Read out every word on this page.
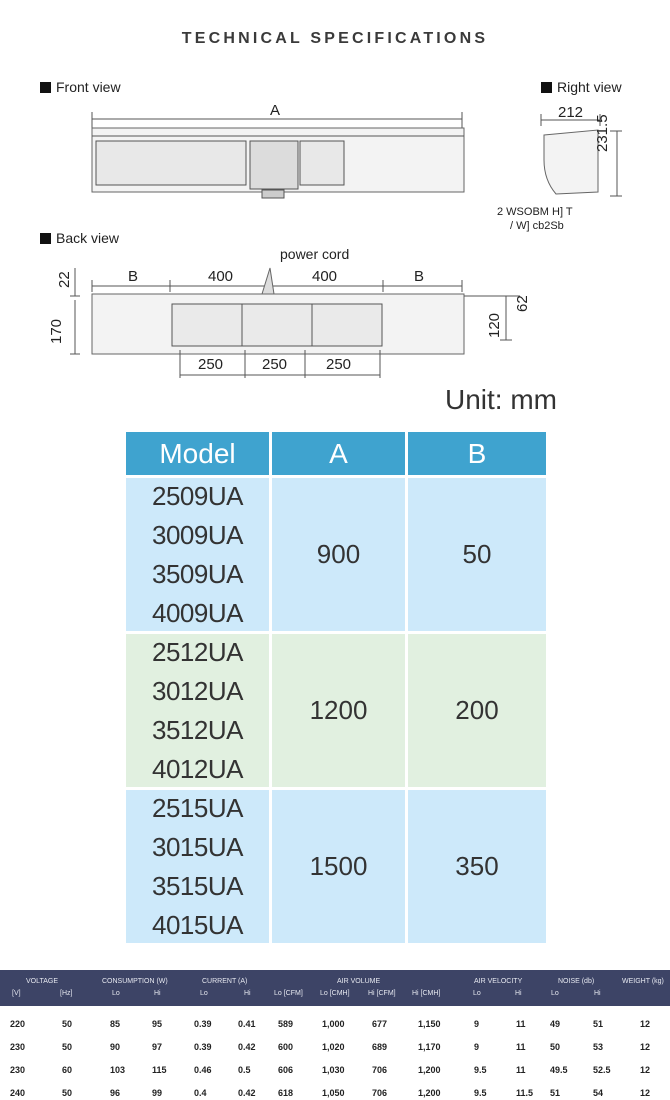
TECHNICAL SPECIFICATIONS
Front view	Right view
Back view
A	212
231.5
2 WSOBM H] T
/ W] cb2Sb
power cord
B	400	400	B
22
170
62
120
250	250	250
Unit: mm
Model	A	B
2509UA
3009UA
3509UA
4009UA
900	50
2512UA
3012UA
3512UA
4012UA
1200	200
2515UA
3015UA
3515UA
4015UA
1500	350
VOLTAGE	CONSUMPTION (W)	CURRENT (A)	AIR VOLUME	AIR VELOCITY	NOISE (db)	WEIGHT (kg)
[V]	[Hz]	Lo	Hi	Lo	Hi	Lo [CFM] Lo [CMH]	Hi [CFM] Hi [CMH]	Lo	Hi	Lo	Hi
220	50	85	95	0.39	0.41 589	1,000	677	1,150	9	11	49	51	12
230	50	90	97	0.39	0.42 600	1,020	689	1,170	9	11	50	53	12
230	60	103	115	0.46	0.5	606	1,030	706	1,200	9.5	11	49.5	52.5	12
240	50	96	99	0.4	0.42 618	1,050	706	1,200	9.5	11.5 51	54	12
